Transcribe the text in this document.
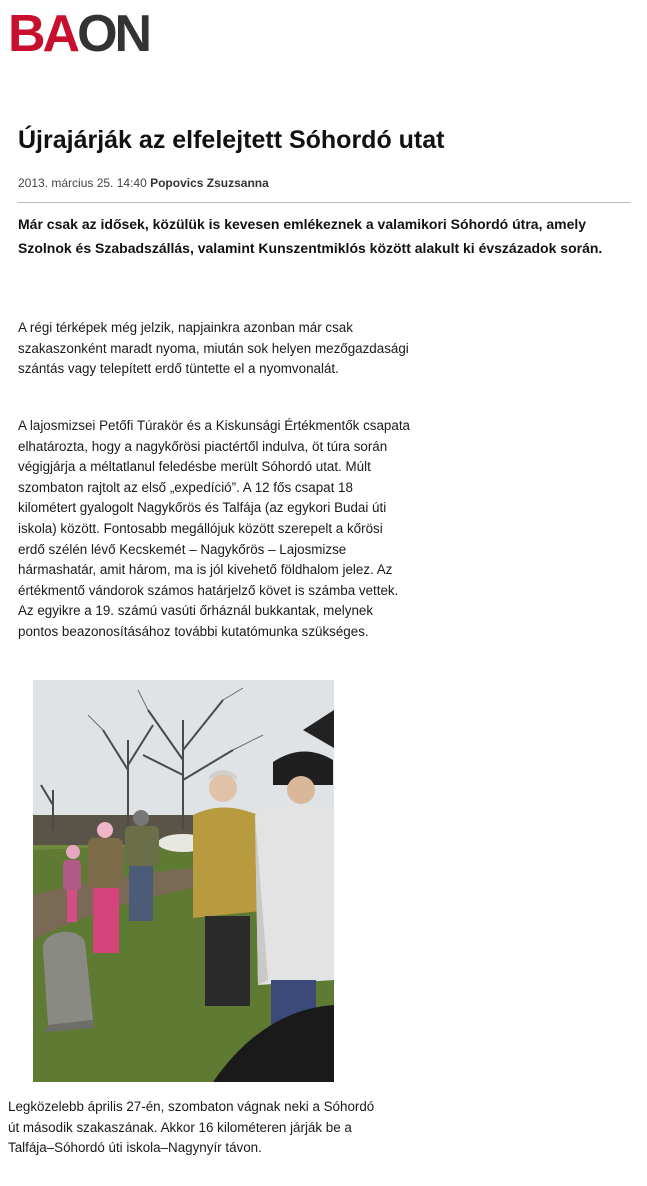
BAON
Újrajárják az elfelejtett Sóhordó utat
2013. március 25. 14:40 Popovics Zsuzsanna

Már csak az idősek, közülük is kevesen emlékeznek a valamikori Sóhordó útra, amely Szolnok és Szabadszállás, valamint Kunszentmiklós között alakult ki évszázadok során.

A régi térképek még jelzik, napjainkra azonban már csak szakaszonként maradt nyoma, miután sok helyen mezőgazdasági szántás vagy telepített erdő tüntette el a nyomvonalát.

A lajosmizsei Petőfi Túrakör és a Kiskunsági Értékmentők csapata elhatározta, hogy a nagykőrösi piactértől indulva, öt túra során végigjárja a méltatlanul feledésbe merült Sóhordó utat. Múlt szombaton rajtolt az első „expedíció”. A 12 fős csapat 18 kilométert gyalogolt Nagykőrös és Talfája (az egykori Budai úti iskola) között. Fontosabb megállójuk között szerepelt a kőrösi erdő szélén lévő Kecskemét – Nagykőrös – Lajosmizse hármashatár, amit három, ma is jól kivehető földhalom jelez. Az értékmentő vándorok számos határjelző követ is számba vettek. Az egyikre a 19. számú vasúti őrháznál bukkantak, melynek pontos beazonosításához további kutatómunka szükséges.

Legközelebb április 27-én, szombaton vágnak neki a Sóhordó út második szakaszának. Akkor 16 kilométeren járják be a Talfája–Sóhordó úti iskola–Nagynyír távon.
